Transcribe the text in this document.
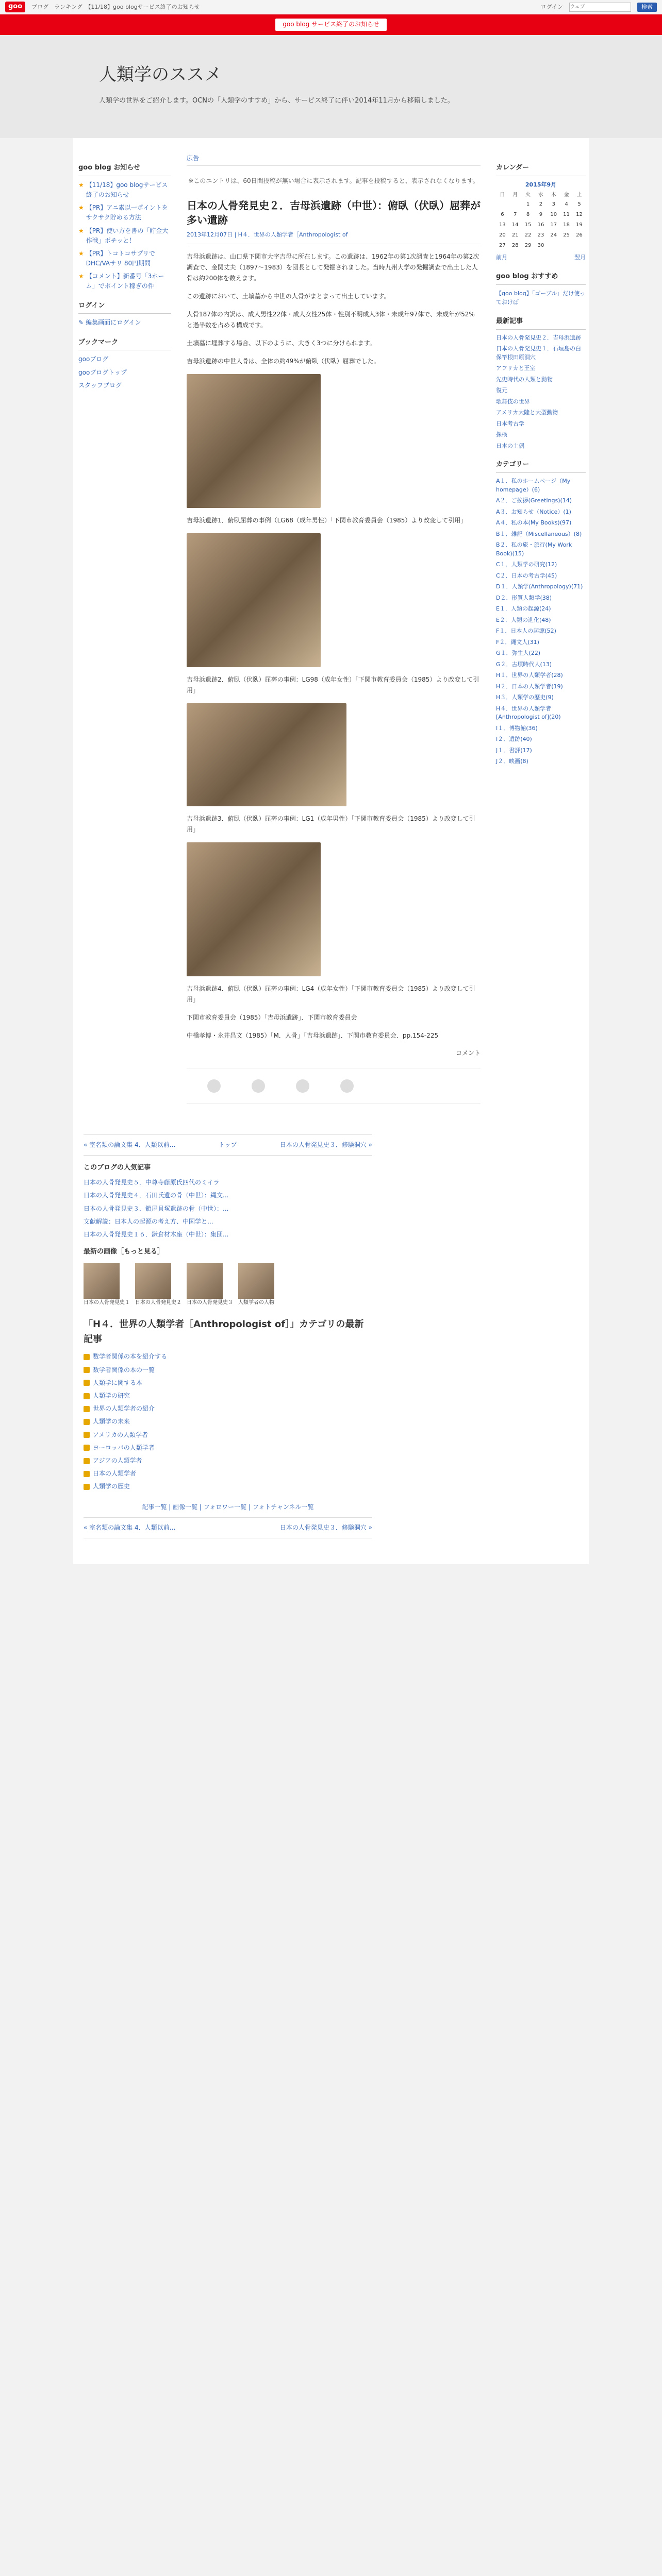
goo	ブログ　ランキング　【11/18】goo blogサービス終了のお知らせ	ログイン
ウェブ	検索
goo blog サービス終了のお知らせ
人類学のススメ

人類学の世界をご紹介します。OCNの「人類学のすすめ」から、サービス終了に伴い2014年11月から移籍しました。

goo blog お知らせ
★ 【11/18】goo blogサービス終了のお知らせ
★ 【PR】アニ素以一ポイントをサクサク貯める方法
★ 【PR】使い方を書の「貯金大作戦」ポチッと！
★ 【PR】トコトコサプリでDHC/VAサリ 80円期間
★ 【コメント】新番号「3ホーム」でポイント稼ぎの件
ログイン
✎ 編集画面にログイン
ブックマーク
gooブログ
gooブログトップ
スタッフブログ
広告
※このエントリは、60日間投稿が無い場合に表示されます。記事を投稿すると、表示されなくなります。
日本の人骨発見史２．吉母浜遺跡（中世）：俯臥（伏臥）屈葬が多い遺跡
2013年12月07日 | H４．世界の人類学者［Anthropologist of

吉母浜遺跡は、山口県下関市大字吉母に所在します。この遺跡は、1962年の第1次調査と1964年の第2次調査で、金関丈夫（1897～1983）を団長として発掘されました。当時九州大学の発掘調査で出土した人骨は約200体を数えます。

この遺跡において、土壙墓から中世の人骨がまとまって出土しています。

人骨187体の内訳は、成人男性22体・成人女性25体・性別不明成人3体・未成年97体で、未成年が52%と過半数を占める構成です。

土壙墓に埋葬する場合、以下のように、大きく3つに分けられます。

吉母浜遺跡の中世人骨は、全体の約49%が俯臥（伏臥）屈葬でした。

吉母浜遺跡1．俯臥屈葬の事例（LG68（成年男性）「下関市教育委員会（1985）より改変して引用」

吉母浜遺跡2．俯臥（伏臥）屈葬の事例：LG98（成年女性）「下関市教育委員会（1985）より改変して引用」

吉母浜遺跡3．俯臥（伏臥）屈葬の事例：LG1（成年男性）「下関市教育委員会（1985）より改変して引用」

吉母浜遺跡4．俯臥（伏臥）屈葬の事例：LG4（成年女性）「下関市教育委員会（1985）より改変して引用」

下関市教育委員会（1985）「吉母浜遺跡」．下関市教育委員会

中橋孝博・永井昌文（1985）「M．人骨」「吉母浜遺跡」．下関市教育委員会．pp.154-225

コメント
カレンダー
2015年9月
日	月	火	水	木	金	土
		1	2	3	4	5
6	7	8	9	10	11	12
13	14	15	16	17	18	19
20	21	22	23	24	25	26
27	28	29	30			
前月	翌月
goo blog おすすめ
【goo blog】「ゴーブル」だけ使っておけば
最新記事
日本の人骨発見史２．吉母浜遺跡
日本の人骨発見史１．石垣島の白保竿根田原洞穴
アフリカと王室
先史時代の人類と動物
復元
歌舞伎の世界
アメリカ大陸と大型動物
日本考古学
探検
日本の土偶
カテゴリー
A１．私のホームページ（My homepage）(6)
A２．ご挨拶(Greetings)(14)
A３．お知らせ（Notice）(1)
A４．私の本(My Books)(97)
B１．雑記（Miscellaneous）(8)
B２．私の旅・旅行(My Work Book)(15)
C１．人類学の研究(12)
C２．日本の考古学(45)
D１．人類学(Anthropology)(71)
D２．形質人類学(38)
E１．人類の起源(24)
E２．人類の進化(48)
F１．日本人の起源(52)
F２．縄文人(31)
G１．弥生人(22)
G２．古墳時代人(13)
H１．世界の人類学者(28)
H２．日本の人類学者(19)
H３．人類学の歴史(9)
H４．世界の人類学者[Anthropologist of](20)
I１．博物館(36)
I２．遺跡(40)
J１．書評(17)
J２．映画(8)
« 室名類の論文集 4．人類以前…	トップ	日本の人骨発見史３．修験洞穴 »
このブログの人気記事
日本の人骨発見史５．中尊寺藤原氏四代のミイラ
日本の人骨発見史４．石田氏遺の骨（中世）：縄文...
日本の人骨発見史３．鎖屋貝塚遺跡の骨（中世）：...
文献解説：日本人の起源の考え方、中国学と...
日本の人骨発見史１６．鎌倉材木座（中世）：集団...
最新の画像［もっと見る］
日本の人骨発見史１ 日本の人骨発見史２ 日本の人骨発見史３ 人類学者の人物
「H４．世界の人類学者［Anthropologist of］」カテゴリの最新記事
数学者関係の本を紹介する
数学者関係の本の一覧
人類学に関する本
人類学の研究
世界の人類学者の紹介
人類学の未来
アメリカの人類学者
ヨーロッパの人類学者
アジアの人類学者
日本の人類学者
人類学の歴史
記事一覧 | 画像一覧 | フォロワー一覧 | フォトチャンネル一覧
« 室名類の論文集 4．人類以前…	日本の人骨発見史３．修験洞穴 »
